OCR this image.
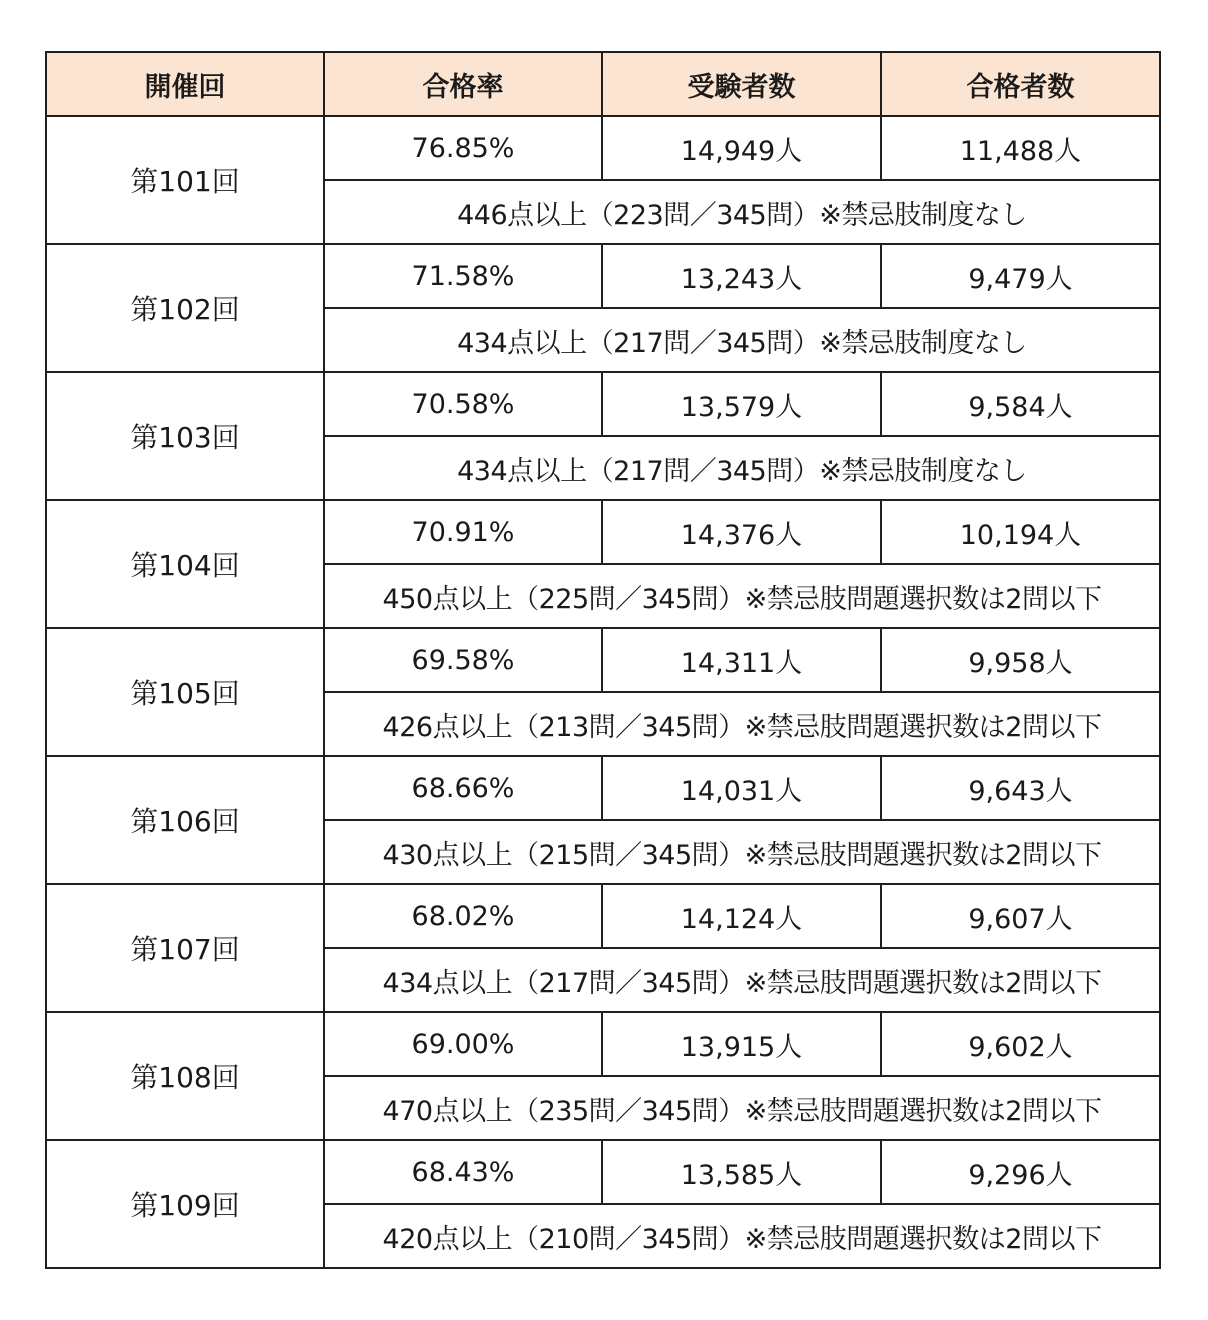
開催回	合格率	受験者数	合格者数
第101回	76.85%	14,949人	11,488人
	446点以上（223問／345問）※禁忌肢制度なし		
第102回	71.58%	13,243人	9,479人
	434点以上（217問／345問）※禁忌肢制度なし		
第103回	70.58%	13,579人	9,584人
	434点以上（217問／345問）※禁忌肢制度なし		
第104回	70.91%	14,376人	10,194人
	450点以上（225問／345問）※禁忌肢問題選択数は2問以下		
第105回	69.58%	14,311人	9,958人
	426点以上（213問／345問）※禁忌肢問題選択数は2問以下		
第106回	68.66%	14,031人	9,643人
	430点以上（215問／345問）※禁忌肢問題選択数は2問以下		
第107回	68.02%	14,124人	9,607人
	434点以上（217問／345問）※禁忌肢問題選択数は2問以下		
第108回	69.00%	13,915人	9,602人
	470点以上（235問／345問）※禁忌肢問題選択数は2問以下		
第109回	68.43%	13,585人	9,296人
	420点以上（210問／345問）※禁忌肢問題選択数は2問以下		
